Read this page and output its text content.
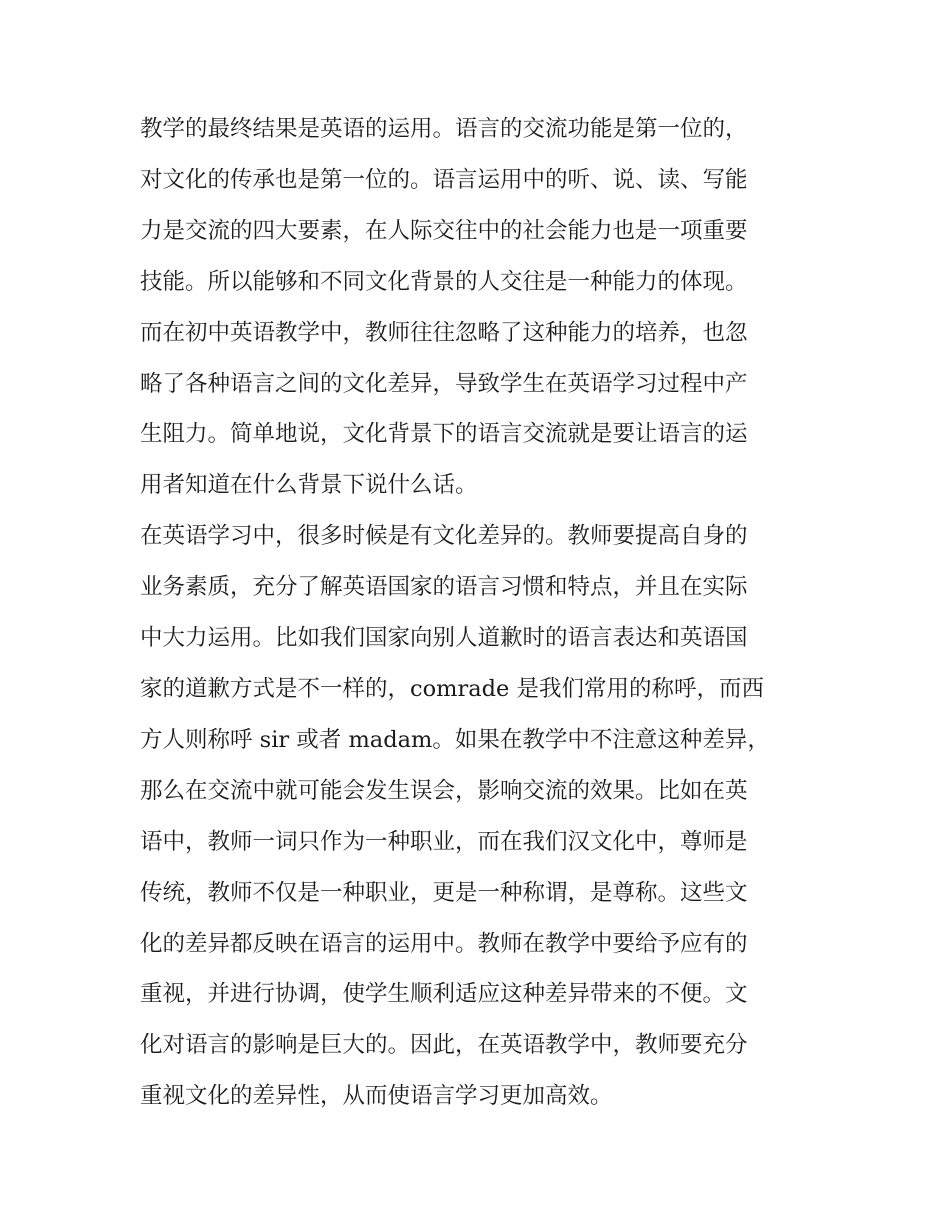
教学的最终结果是英语的运用。语言的交流功能是第一位的，
对文化的传承也是第一位的。语言运用中的听、说、读、写能
力是交流的四大要素，在人际交往中的社会能力也是一项重要
技能。所以能够和不同文化背景的人交往是一种能力的体现。
而在初中英语教学中，教师往往忽略了这种能力的培养，也忽
略了各种语言之间的文化差异，导致学生在英语学习过程中产
生阻力。简单地说，文化背景下的语言交流就是要让语言的运
用者知道在什么背景下说什么话。
在英语学习中，很多时候是有文化差异的。教师要提高自身的
业务素质，充分了解英语国家的语言习惯和特点，并且在实际
中大力运用。比如我们国家向别人道歉时的语言表达和英语国
家的道歉方式是不一样的，comrade 是我们常用的称呼，而西
方人则称呼 sir 或者 madam。如果在教学中不注意这种差异，
那么在交流中就可能会发生误会，影响交流的效果。比如在英
语中，教师一词只作为一种职业，而在我们汉文化中，尊师是
传统，教师不仅是一种职业，更是一种称谓，是尊称。这些文
化的差异都反映在语言的运用中。教师在教学中要给予应有的
重视，并进行协调，使学生顺利适应这种差异带来的不便。文
化对语言的影响是巨大的。因此，在英语教学中，教师要充分
重视文化的差异性，从而使语言学习更加高效。
